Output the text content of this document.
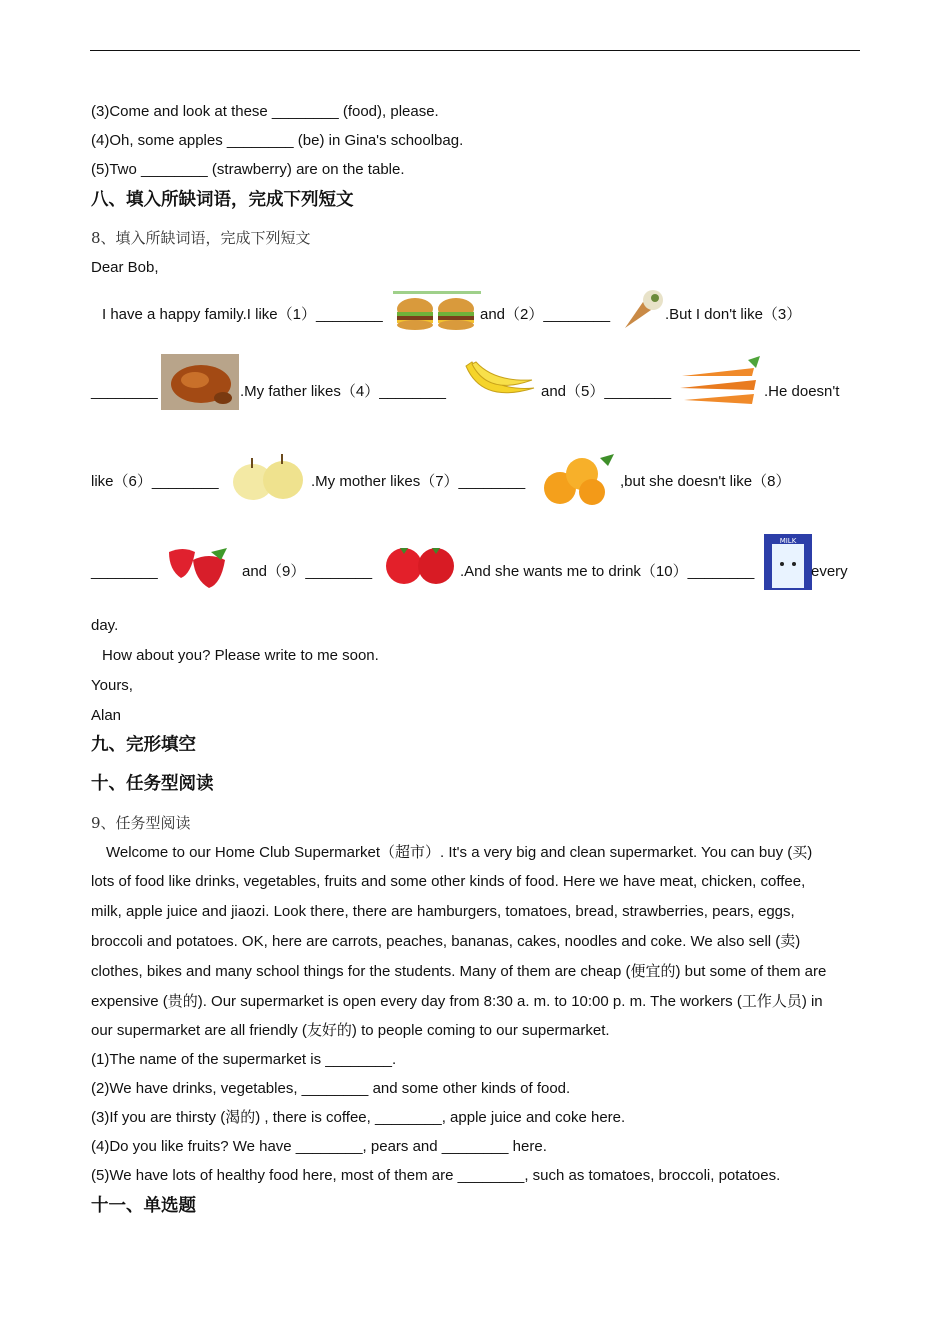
(3)Come and look at these ________ (food), please.
(4)Oh, some apples ________ (be) in Gina's schoolbag.
(5)Two ________ (strawberry) are on the table.
八、填入所缺词语，完成下列短文
8、填入所缺词语，完成下列短文
Dear Bob,
I have a happy family.I like（1）________	and（2）________	.But I don't like（3）
________	.My father likes（4）________	and（5）________	.He doesn't
like（6）________	.My mother likes（7）________	,but she doesn't like（8）
________	and（9）________	.And she wants me to drink（10）________
MILK
every
day.
How about you? Please write to me soon.
Yours,
Alan
九、完形填空
十、任务型阅读
9、任务型阅读
Welcome to our Home Club Supermarket（超市）. It's a very big and clean supermarket. You can buy (买)
lots of food like drinks, vegetables, fruits and some other kinds of food. Here we have meat, chicken, coffee,
milk, apple juice and jiaozi. Look there, there are hamburgers, tomatoes, bread, strawberries, pears, eggs,
broccoli and potatoes. OK, here are carrots, peaches, bananas, cakes, noodles and coke. We also sell (卖)
clothes, bikes and many school things for the students. Many of them are cheap (便宜的) but some of them are
expensive (贵的). Our supermarket is open every day from 8:30 a. m. to 10:00 p. m. The workers (工作人员) in
our supermarket are all friendly (友好的) to people coming to our supermarket.
(1)The name of the supermarket is ________.
(2)We have drinks, vegetables, ________ and some other kinds of food.
(3)If you are thirsty (渴的) , there is coffee, ________, apple juice and coke here.
(4)Do you like fruits? We have ________, pears and ________ here.
(5)We have lots of healthy food here, most of them are ________, such as tomatoes, broccoli, potatoes.
十一、单选题
